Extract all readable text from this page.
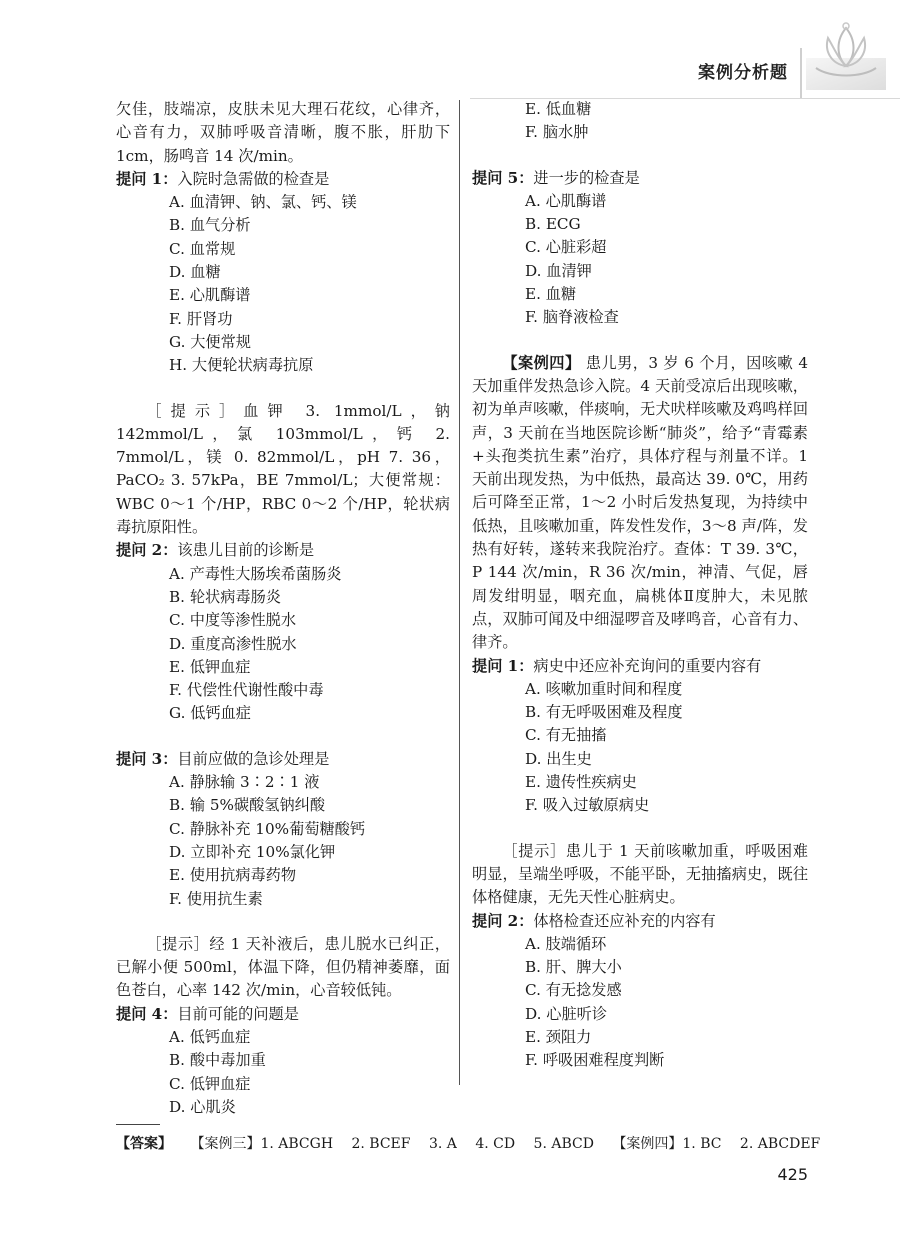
案例分析题

欠佳，肢端凉，皮肤未见大理石花纹，心律齐，心音有力，双肺呼吸音清晰，腹不胀，肝肋下 1cm，肠鸣音 14 次/min。

提问 1：入院时急需做的检查是

A. 血清钾、钠、氯、钙、镁

B. 血气分析

C. 血常规

D. 血糖

E. 心肌酶谱

F. 肝肾功

G. 大便常规

H. 大便轮状病毒抗原

［提示］血钾 3. 1mmol/L，钠 142mmol/L，氯 103mmol/L，钙 2. 7mmol/L，镁 0. 82mmol/L，pH 7. 36，PaCO₂ 3. 57kPa，BE 7mmol/L；大便常规：WBC 0～1 个/HP，RBC 0～2 个/HP，轮状病毒抗原阳性。

提问 2：该患儿目前的诊断是

A. 产毒性大肠埃希菌肠炎

B. 轮状病毒肠炎

C. 中度等渗性脱水

D. 重度高渗性脱水

E. 低钾血症

F. 代偿性代谢性酸中毒

G. 低钙血症

提问 3：目前应做的急诊处理是

A. 静脉输 3∶2∶1 液

B. 输 5%碳酸氢钠纠酸

C. 静脉补充 10%葡萄糖酸钙

D. 立即补充 10%氯化钾

E. 使用抗病毒药物

F. 使用抗生素

［提示］经 1 天补液后，患儿脱水已纠正，已解小便 500ml，体温下降，但仍精神萎靡，面色苍白，心率 142 次/min，心音较低钝。

提问 4：目前可能的问题是

A. 低钙血症

B. 酸中毒加重

C. 低钾血症

D. 心肌炎

E. 低血糖

F. 脑水肿

提问 5：进一步的检查是

A. 心肌酶谱

B. ECG

C. 心脏彩超

D. 血清钾

E. 血糖

F. 脑脊液检查

【案例四】 患儿男，3 岁 6 个月，因咳嗽 4 天加重伴发热急诊入院。4 天前受凉后出现咳嗽，初为单声咳嗽，伴痰响，无犬吠样咳嗽及鸡鸣样回声，3 天前在当地医院诊断“肺炎”，给予“青霉素+头孢类抗生素”治疗，具体疗程与剂量不详。1 天前出现发热，为中低热，最高达 39. 0℃，用药后可降至正常，1～2 小时后发热复现，为持续中低热，且咳嗽加重，阵发性发作，3～8 声/阵，发热有好转，遂转来我院治疗。查体：T 39. 3℃，P 144 次/min，R 36 次/min，神清、气促，唇周发绀明显，咽充血，扁桃体Ⅱ度肿大，未见脓点，双肺可闻及中细湿啰音及哮鸣音，心音有力、律齐。

提问 1：病史中还应补充询问的重要内容有

A. 咳嗽加重时间和程度

B. 有无呼吸困难及程度

C. 有无抽搐

D. 出生史

E. 遗传性疾病史

F. 吸入过敏原病史

［提示］患儿于 1 天前咳嗽加重，呼吸困难明显，呈端坐呼吸，不能平卧，无抽搐病史，既往体格健康，无先天性心脏病史。

提问 2：体格检查还应补充的内容有

A. 肢端循环

B. 肝、脾大小

C. 有无捻发感

D. 心脏听诊

E. 颈阻力

F. 呼吸困难程度判断

【答案】 【案例三】1. ABCGH 2. BCEF 3. A 4. CD 5. ABCD 【案例四】1. BC 2. ABCDEF
425
